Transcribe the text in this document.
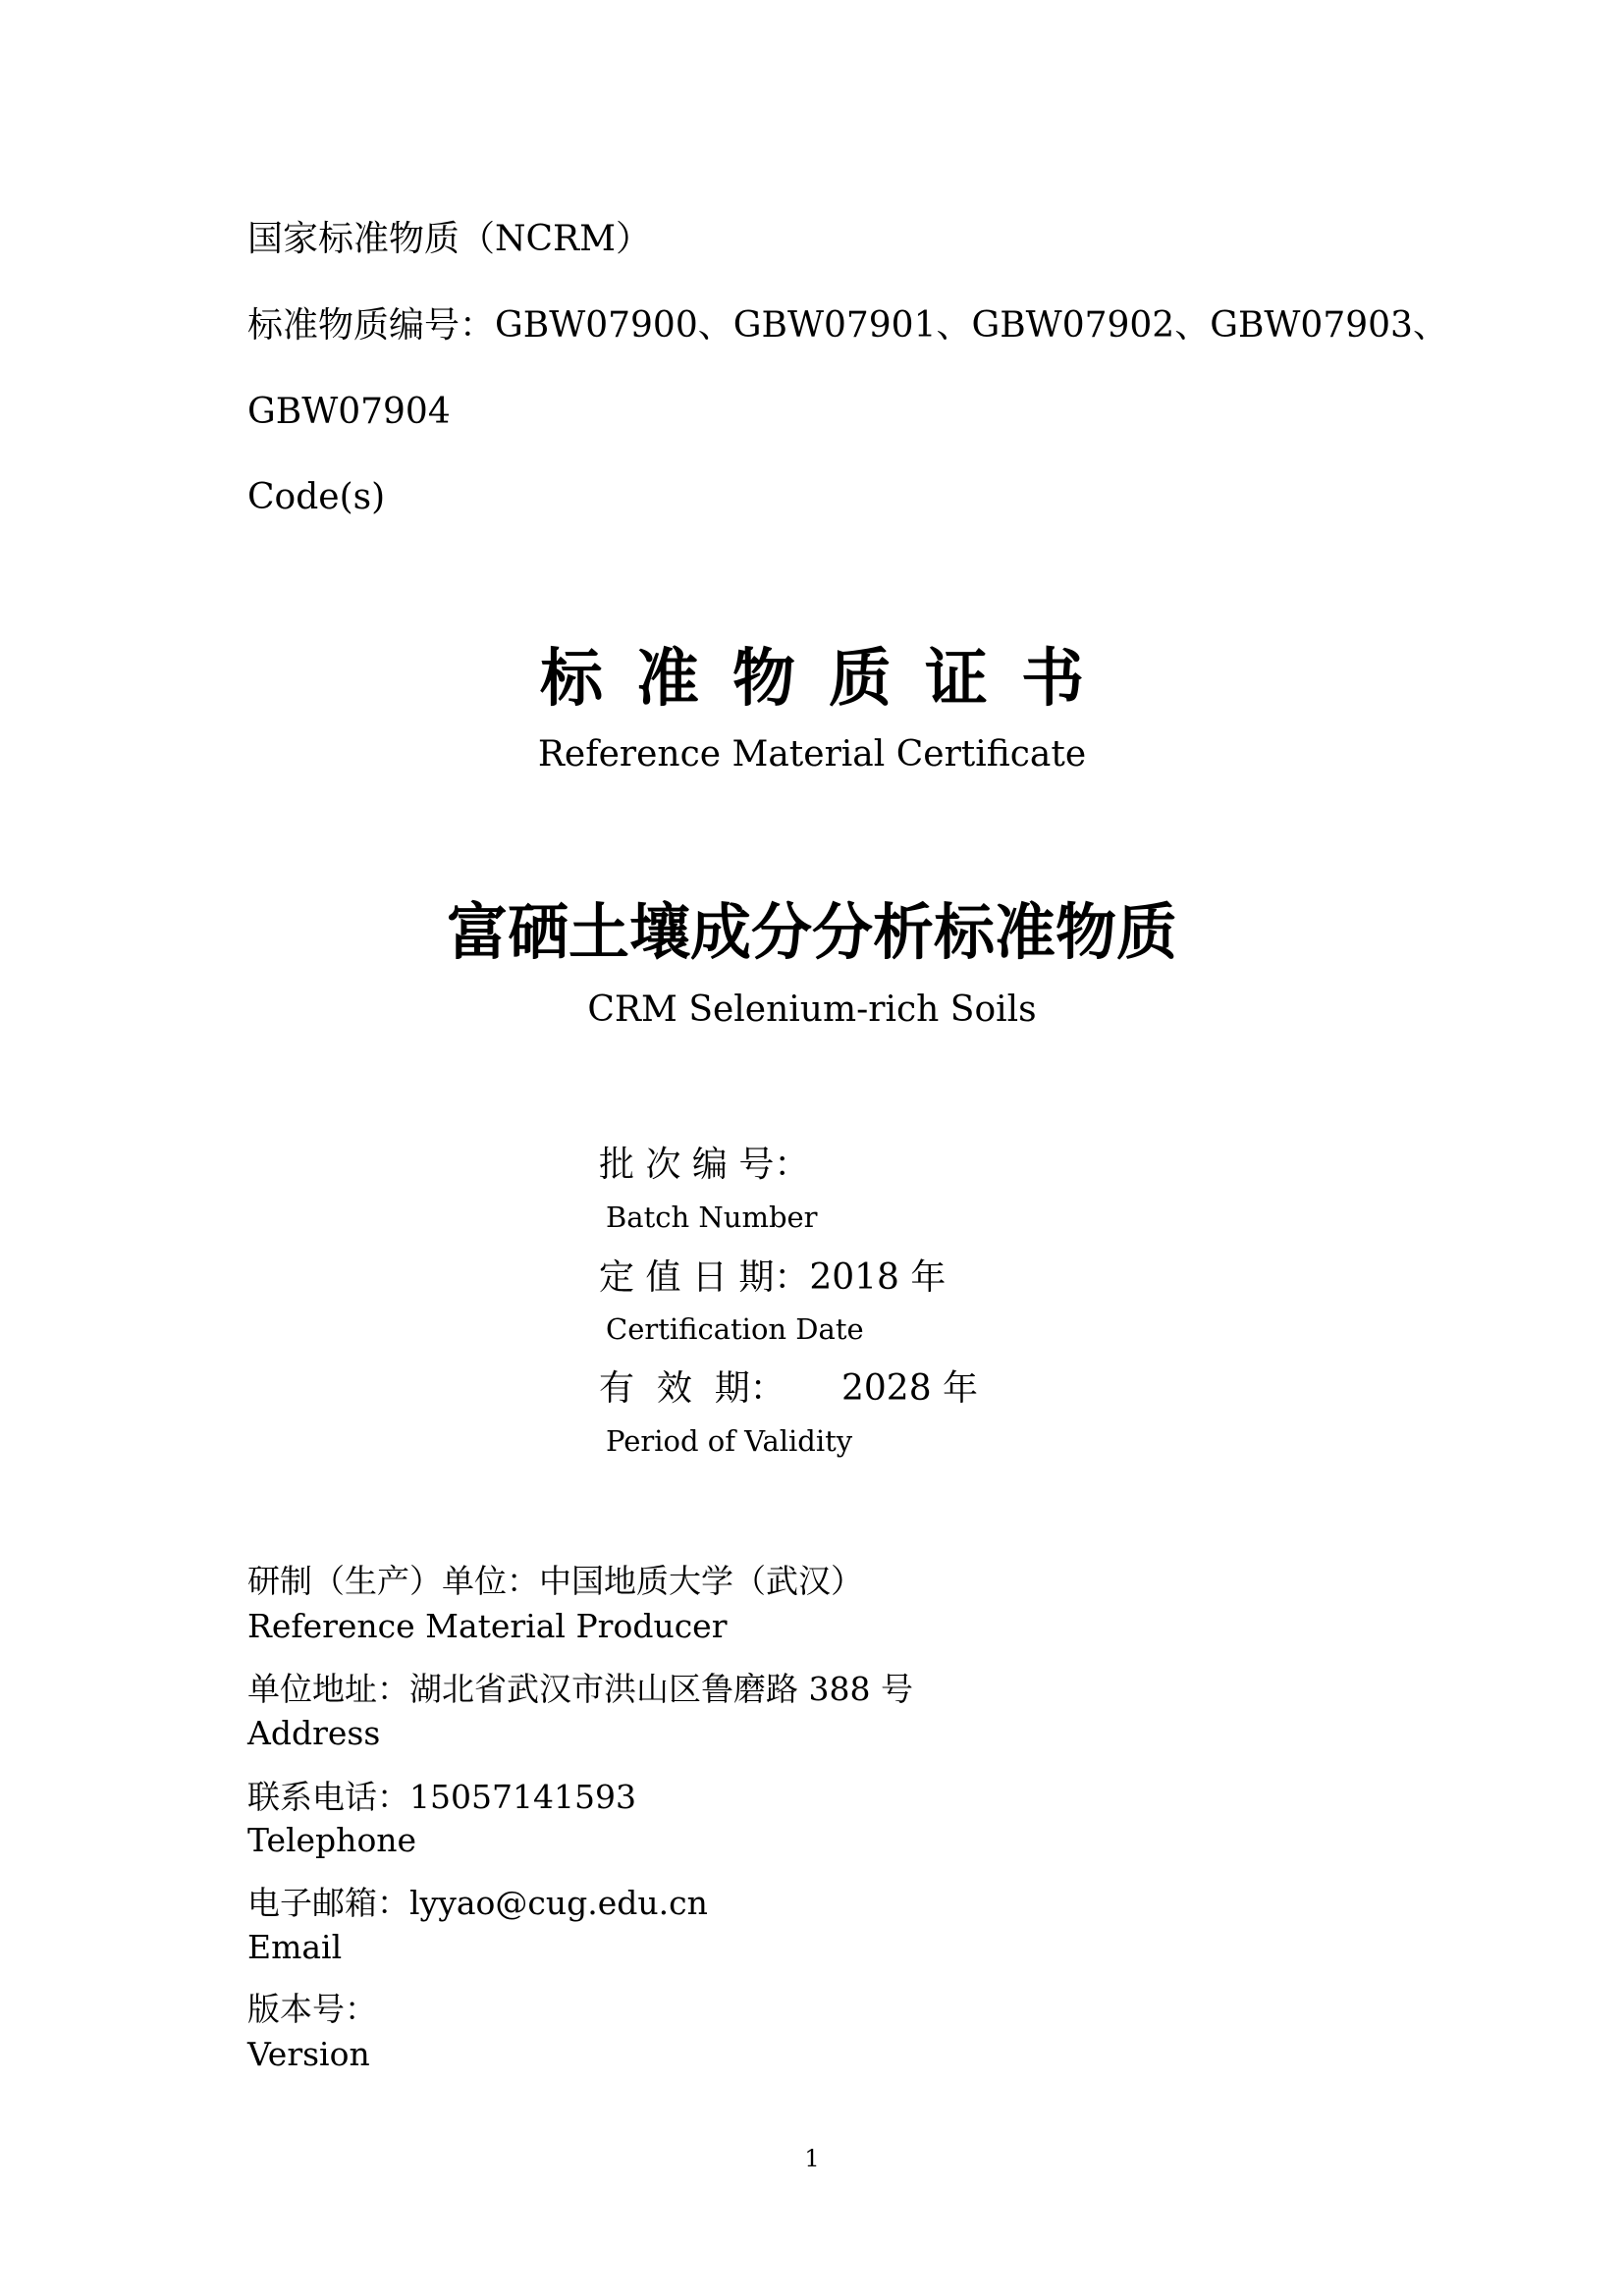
国家标准物质（NCRM）
标准物质编号：GBW07900、GBW07901、GBW07902、GBW07903、
GBW07904
Code(s)
标准物质证书
Reference Material Certificate
富硒土壤成分分析标准物质
CRM Selenium-rich Soils
批 次 编 号：
Batch Number
定 值 日 期：2018 年
Certification Date
有  效  期：     2028 年
Period of Validity
研制（生产）单位：中国地质大学（武汉）
Reference Material Producer
单位地址：湖北省武汉市洪山区鲁磨路 388 号
Address
联系电话：15057141593
Telephone
电子邮箱：lyyao@cug.edu.cn
Email
版本号：
Version
1
